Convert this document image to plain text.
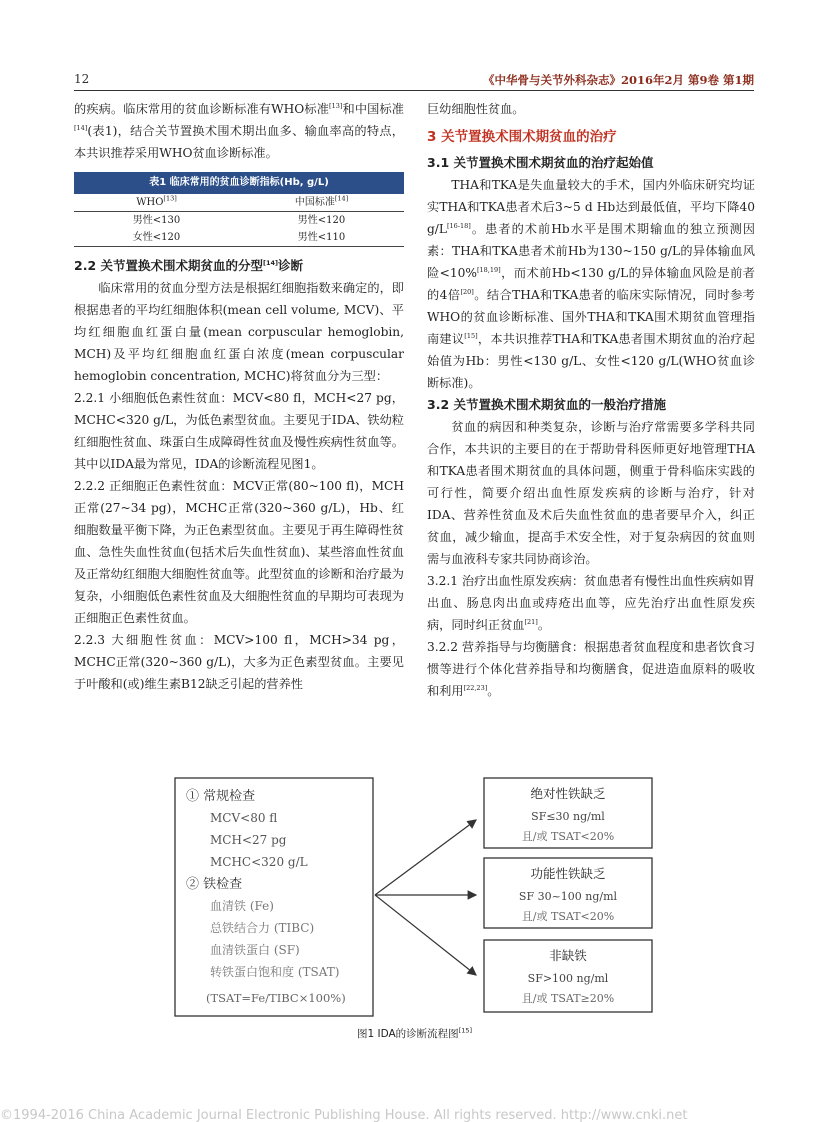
12	《中华骨与关节外科杂志》2016年2月 第9卷 第1期

的疾病。临床常用的贫血诊断标准有WHO标准[13]和中国标准[14](表1)，结合关节置换术围术期出血多、输血率高的特点，本共识推荐采用WHO贫血诊断标准。

表1 临床常用的贫血诊断指标(Hb, g/L)
WHO[13]	中国标准[14]
男性<130	男性<120
女性<120	男性<110

2.2 关节置换术围术期贫血的分型[14]诊断

临床常用的贫血分型方法是根据红细胞指数来确定的，即根据患者的平均红细胞体积(mean cell volume, MCV)、平均红细胞血红蛋白量(mean corpuscular hemoglobin, MCH)及平均红细胞血红蛋白浓度(mean corpuscular hemoglobin concentration, MCHC)将贫血分为三型：

2.2.1 小细胞低色素性贫血：MCV<80 fl，MCH<27 pg，MCHC<320 g/L，为低色素型贫血。主要见于IDA、铁幼粒红细胞性贫血、珠蛋白生成障碍性贫血及慢性疾病性贫血等。其中以IDA最为常见，IDA的诊断流程见图1。

2.2.2 正细胞正色素性贫血：MCV正常(80~100 fl)，MCH正常(27~34 pg)，MCHC正常(320~360 g/L)，Hb、红细胞数量平衡下降，为正色素型贫血。主要见于再生障碍性贫血、急性失血性贫血(包括术后失血性贫血)、某些溶血性贫血及正常幼红细胞大细胞性贫血等。此型贫血的诊断和治疗最为复杂，小细胞低色素性贫血及大细胞性贫血的早期均可表现为正细胞正色素性贫血。

2.2.3 大细胞性贫血：MCV>100 fl，MCH>34 pg，MCHC正常(320~360 g/L)，大多为正色素型贫血。主要见于叶酸和(或)维生素B12缺乏引起的营养性

巨幼细胞性贫血。

3 关节置换术围术期贫血的治疗

3.1 关节置换术围术期贫血的治疗起始值

THA和TKA是失血量较大的手术，国内外临床研究均证实THA和TKA患者术后3~5 d Hb达到最低值，平均下降40 g/L[16-18]。患者的术前Hb水平是围术期输血的独立预测因素：THA和TKA患者术前Hb为130~150 g/L的异体输血风险<10%[18,19]，而术前Hb<130 g/L的异体输血风险是前者的4倍[20]。结合THA和TKA患者的临床实际情况，同时参考WHO的贫血诊断标准、国外THA和TKA围术期贫血管理指南建议[15]，本共识推荐THA和TKA患者围术期贫血的治疗起始值为Hb：男性<130 g/L、女性<120 g/L(WHO贫血诊断标准)。

3.2 关节置换术围术期贫血的一般治疗措施

贫血的病因和种类复杂，诊断与治疗常需要多学科共同合作，本共识的主要目的在于帮助骨科医师更好地管理THA和TKA患者围术期贫血的具体问题，侧重于骨科临床实践的可行性，简要介绍出血性原发疾病的诊断与治疗，针对IDA、营养性贫血及术后失血性贫血的患者要早介入，纠正贫血，减少输血，提高手术安全性，对于复杂病因的贫血则需与血液科专家共同协商诊治。

3.2.1 治疗出血性原发疾病：贫血患者有慢性出血性疾病如胃出血、肠息肉出血或痔疮出血等，应先治疗出血性原发疾病，同时纠正贫血[21]。

3.2.2 营养指导与均衡膳食：根据患者贫血程度和患者饮食习惯等进行个体化营养指导和均衡膳食，促进造血原料的吸收和利用[22,23]。

① 常规检查
MCV<80 fl
MCH<27 pg
MCHC<320 g/L
② 铁检查
血清铁 (Fe)
总铁结合力 (TIBC)
血清铁蛋白 (SF)
转铁蛋白饱和度 (TSAT)
(TSAT=Fe/TIBC×100%)
绝对性铁缺乏
SF≤30 ng/ml
且/或 TSAT<20%
功能性铁缺乏
SF 30~100 ng/ml
且/或 TSAT<20%
非缺铁
SF>100 ng/ml
且/或 TSAT≥20%
图1 IDA的诊断流程图[15]
©1994-2016 China Academic Journal Electronic Publishing House. All rights reserved. http://www.cnki.net
